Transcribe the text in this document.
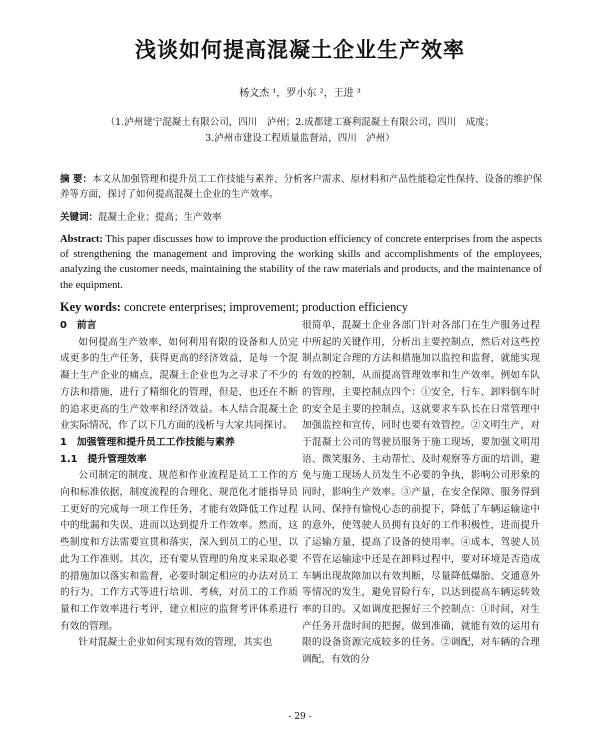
浅谈如何提高混凝土企业生产效率
杨文杰 ¹，罗小东 ²，王进 ³
（1.泸州建宁混凝土有限公司，四川　泸州；2.成都建工赛利混凝土有限公司，四川　成度；
3.泸州市建设工程质量监督站，四川　泸州）
摘 要：本文从加强管理和提升员工工作技能与素养、分析客户需求、原材料和产品性能稳定性保持、设备的维护保养等方面，探讨了如何提高混凝土企业的生产效率。
关键词：混凝土企业；提高；生产效率
Abstract: This paper discusses how to improve the production efficiency of concrete enterprises from the aspects of strengthening the management and improving the working skills and accomplishments of the employees, analyzing the customer needs, maintaining the stability of the raw materials and products, and the maintenance of the equipment.
Key words: concrete enterprises; improvement; production efficiency
0　前言

如何提高生产效率，如何利用有限的设备和人员完成更多的生产任务，获得更高的经济效益，是每一个混凝土生产企业的痛点，混凝土企业也为之寻求了不少的方法和措施，进行了精细化的管理，但是，也还在不断的追求更高的生产效率和经济效益。本人结合混凝土企业实际情况，作了以下几方面的浅析与大家共同探讨。

1　加强管理和提升员工工作技能与素养
1.1　提升管理效率

公司制定的制度、规范和作业流程是员工工作的方向和标准依据，制度流程的合理化、规范化才能指导员工更好的完成每一项工作任务，才能有效降低工作过程中的纰漏和失误，进而以达到提升工作效率。然而，这些制度和方法需要宣贯和落实，深入到员工的心里，以此为工作准则。其次，还有要从管理的角度来采取必要的措施加以落实和监督，必要时制定相应的办法对员工的行为、工作方式等进行培训、考核，对员工的工作质量和工作效率进行考评，建立相应的监督考评体系进行有效的管理。

针对混凝土企业如何实现有效的管理，其实也

很简单，混凝土企业各部门针对各部门在生产服务过程中所起的关键作用，分析出主要控制点，然后对这些控制点制定合理的方法和措施加以监控和监督，就能实现有效的控制，从而提高管理效率和生产效率。例如车队的管理，主要控制点四个：①安全，行车、卸料倒车时的安全是主要的控制点，这就要求车队长在日常管理中加强监控和宣传，同时也要有效管控。②文明生产，对于混凝土公司的驾驶员服务于施工现场，要加强文明用语、微笑服务、主动帮忙、及时观察等方面的培训，避免与施工现场人员发生不必要的争执，影响公司形象的同时，影响生产效率。③产量，在安全保障、服务得到认同、保持有愉悦心态的前提下，降低了车辆运输途中的意外，使驾驶人员拥有良好的工作积极性，进而提升了运输方量，提高了设备的使用率。④成本，驾驶人员不管在运输途中还是在卸料过程中，要对环境是否造成车辆出现故障加以有效判断，尽量降低爆胎、交通意外等情况的发生，避免冒险行车，以达到提高车辆运转效率的目的。又如调度把握好三个控制点：①时间，对生产任务开盘时间的把握，做到准确，就能有效的运用有限的设备资源完成较多的任务。②调配，对车辆的合理调配，有效的分

- 29 -
